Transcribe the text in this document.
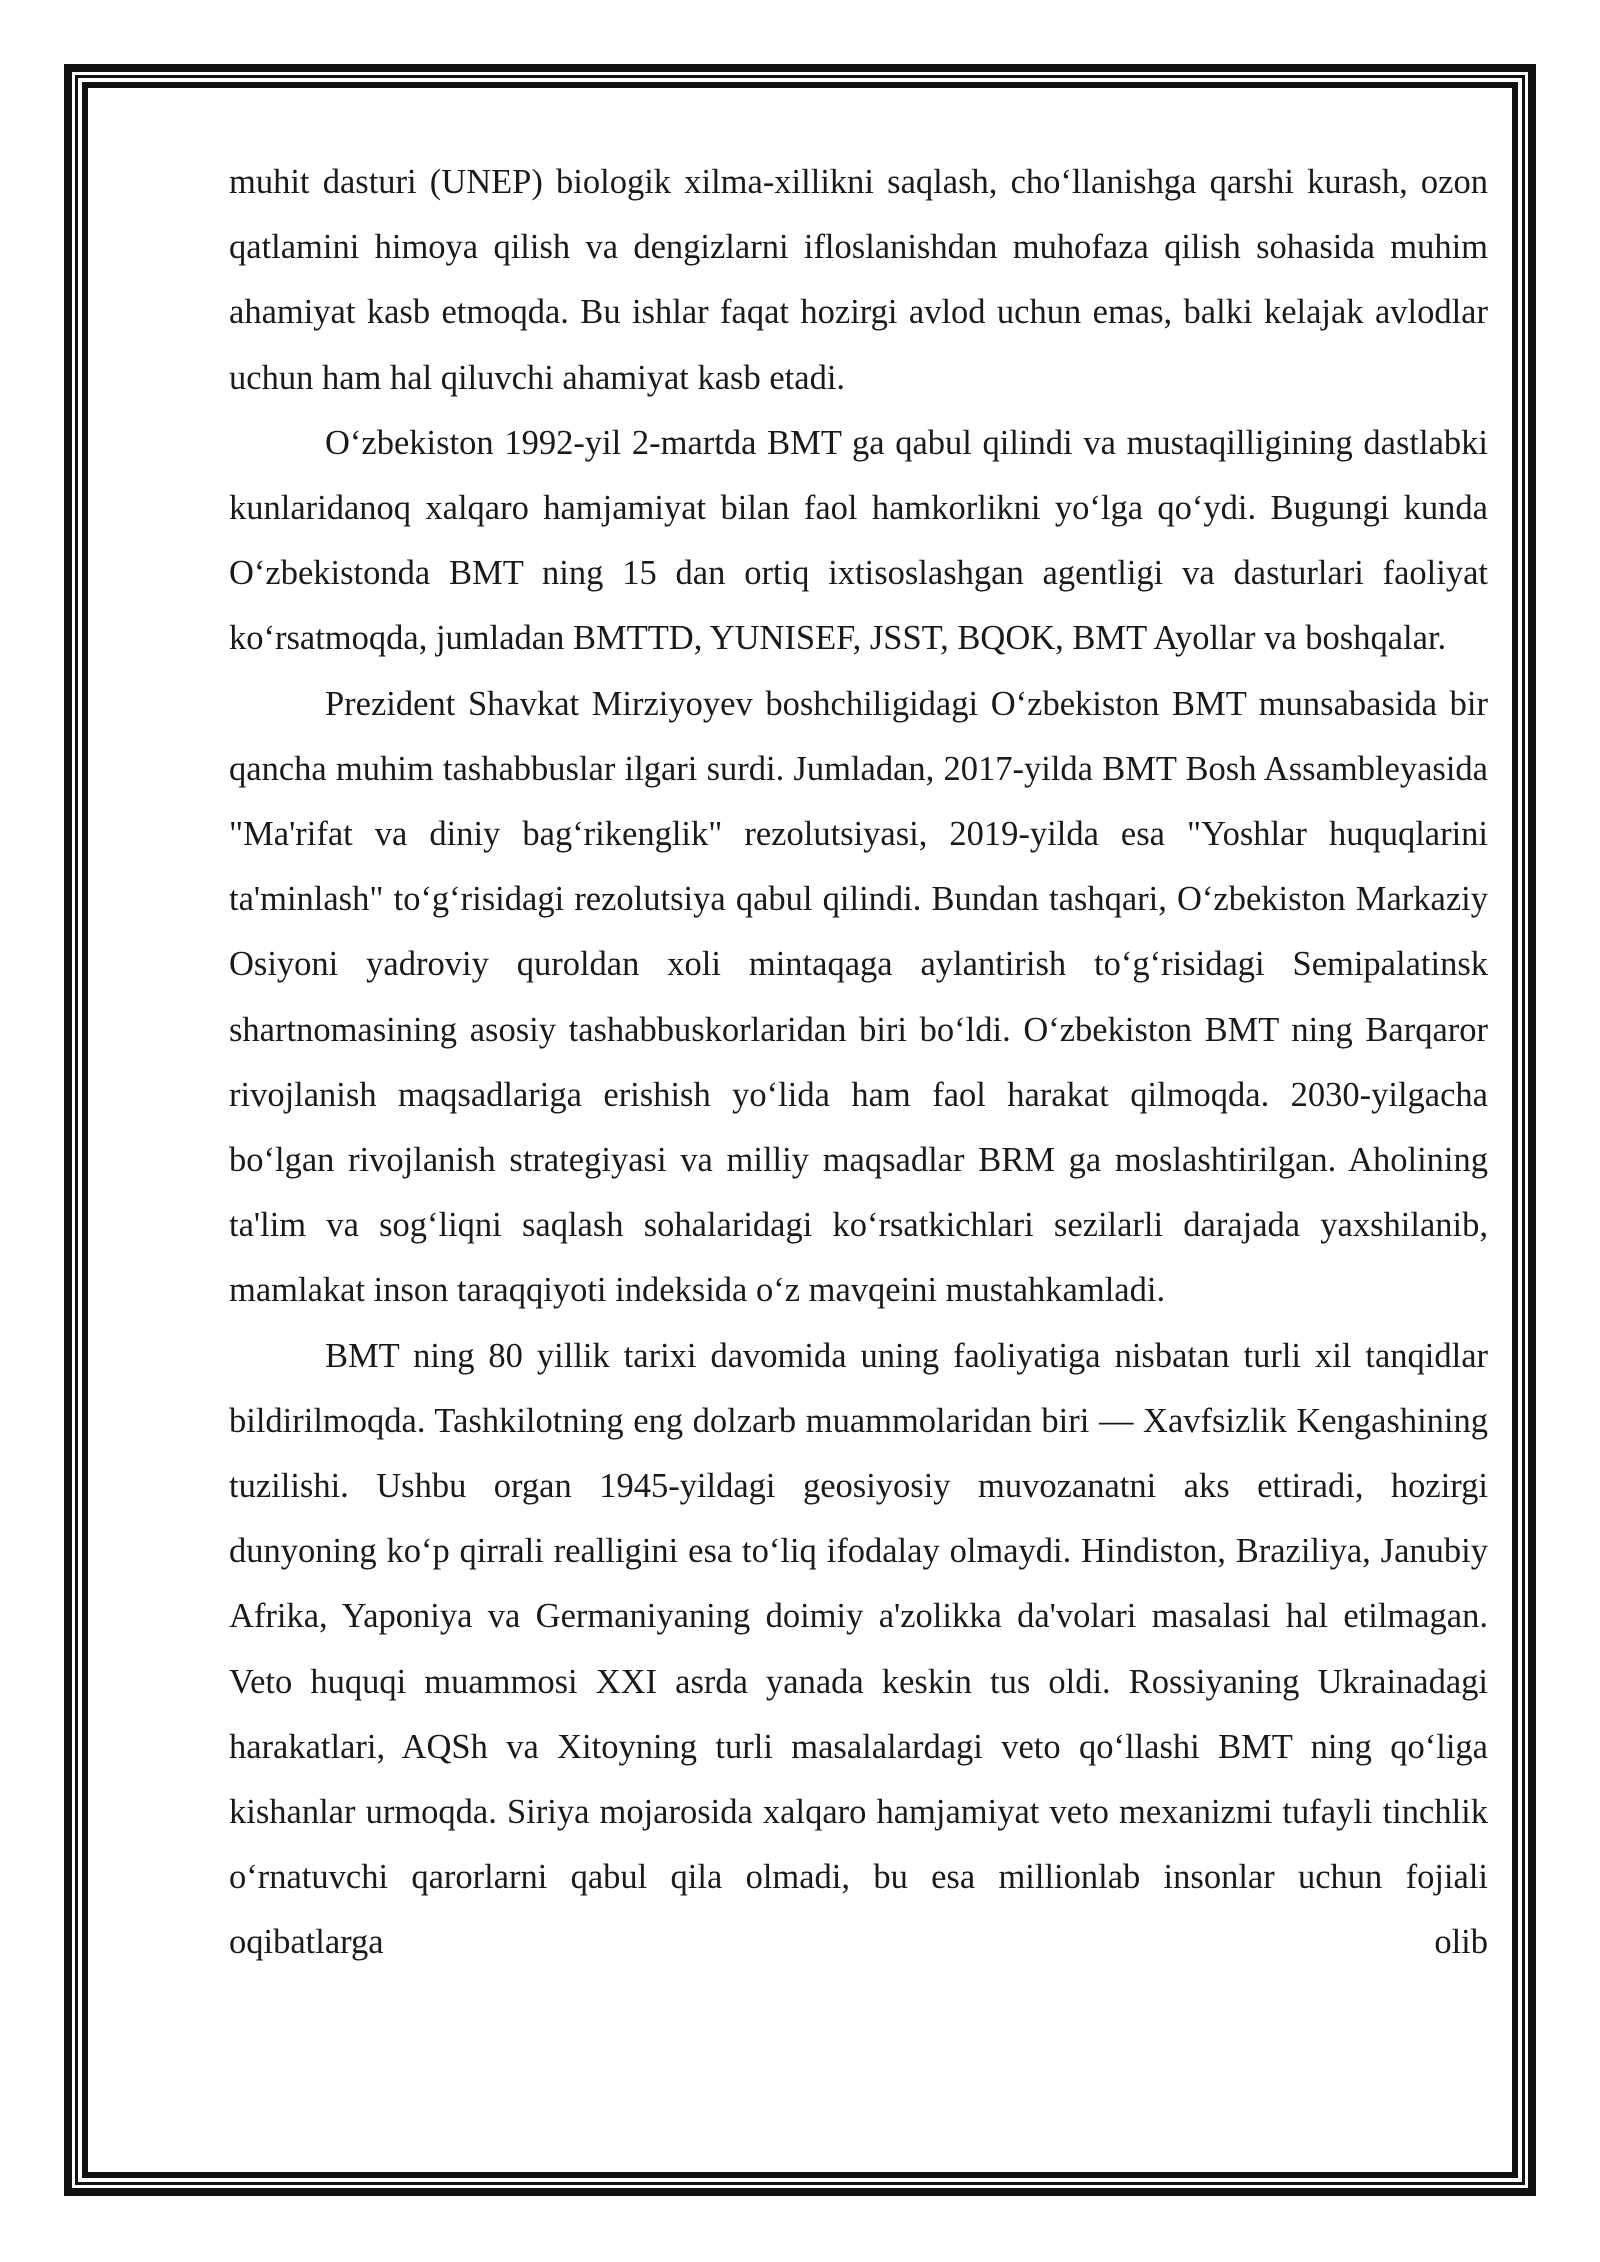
muhit dasturi (UNEP) biologik xilma-xillikni saqlash, cho‘llanishga qarshi kurash, ozon qatlamini himoya qilish va dengizlarni ifloslanishdan muhofaza qilish sohasida muhim ahamiyat kasb etmoqda. Bu ishlar faqat hozirgi avlod uchun emas, balki kelajak avlodlar uchun ham hal qiluvchi ahamiyat kasb etadi.

O‘zbekiston 1992-yil 2-martda BMT ga qabul qilindi va mustaqilligining dastlabki kunlaridanoq xalqaro hamjamiyat bilan faol hamkorlikni yo‘lga qo‘ydi. Bugungi kunda O‘zbekistonda BMT ning 15 dan ortiq ixtisoslashgan agentligi va dasturlari faoliyat ko‘rsatmoqda, jumladan BMTTD, YUNISEF, JSST, BQOK, BMT Ayollar va boshqalar.

Prezident Shavkat Mirziyoyev boshchiligidagi O‘zbekiston BMT munsabasida bir qancha muhim tashabbuslar ilgari surdi. Jumladan, 2017-yilda BMT Bosh Assambleyasida "Ma'rifat va diniy bag‘rikenglik" rezolutsiyasi, 2019-yilda esa "Yoshlar huquqlarini ta'minlash" to‘g‘risidagi rezolutsiya qabul qilindi. Bundan tashqari, O‘zbekiston Markaziy Osiyoni yadroviy quroldan xoli mintaqaga aylantirish to‘g‘risidagi Semipalatinsk shartnomasining asosiy tashabbuskorlaridan biri bo‘ldi. O‘zbekiston BMT ning Barqaror rivojlanish maqsadlariga erishish yo‘lida ham faol harakat qilmoqda. 2030-yilgacha bo‘lgan rivojlanish strategiyasi va milliy maqsadlar BRM ga moslashtirilgan. Aholining ta'lim va sog‘liqni saqlash sohalaridagi ko‘rsatkichlari sezilarli darajada yaxshilanib, mamlakat inson taraqqiyoti indeksida o‘z mavqeini mustahkamladi.

BMT ning 80 yillik tarixi davomida uning faoliyatiga nisbatan turli xil tanqidlar bildirilmoqda. Tashkilotning eng dolzarb muammolaridan biri — Xavfsizlik Kengashining tuzilishi. Ushbu organ 1945-yildagi geosiyosiy muvozanatni aks ettiradi, hozirgi dunyoning ko‘p qirrali realligini esa to‘liq ifodalay olmaydi. Hindiston, Braziliya, Janubiy Afrika, Yaponiya va Germaniyaning doimiy a'zolikka da'volari masalasi hal etilmagan. Veto huquqi muammosi XXI asrda yanada keskin tus oldi. Rossiyaning Ukrainadagi harakatlari, AQSh va Xitoyning turli masalalardagi veto qo‘llashi BMT ning qo‘liga kishanlar urmoqda. Siriya mojarosida xalqaro hamjamiyat veto mexanizmi tufayli tinchlik o‘rnatuvchi qarorlarni qabul qila olmadi, bu esa millionlab insonlar uchun fojiali oqibatlarga olib
